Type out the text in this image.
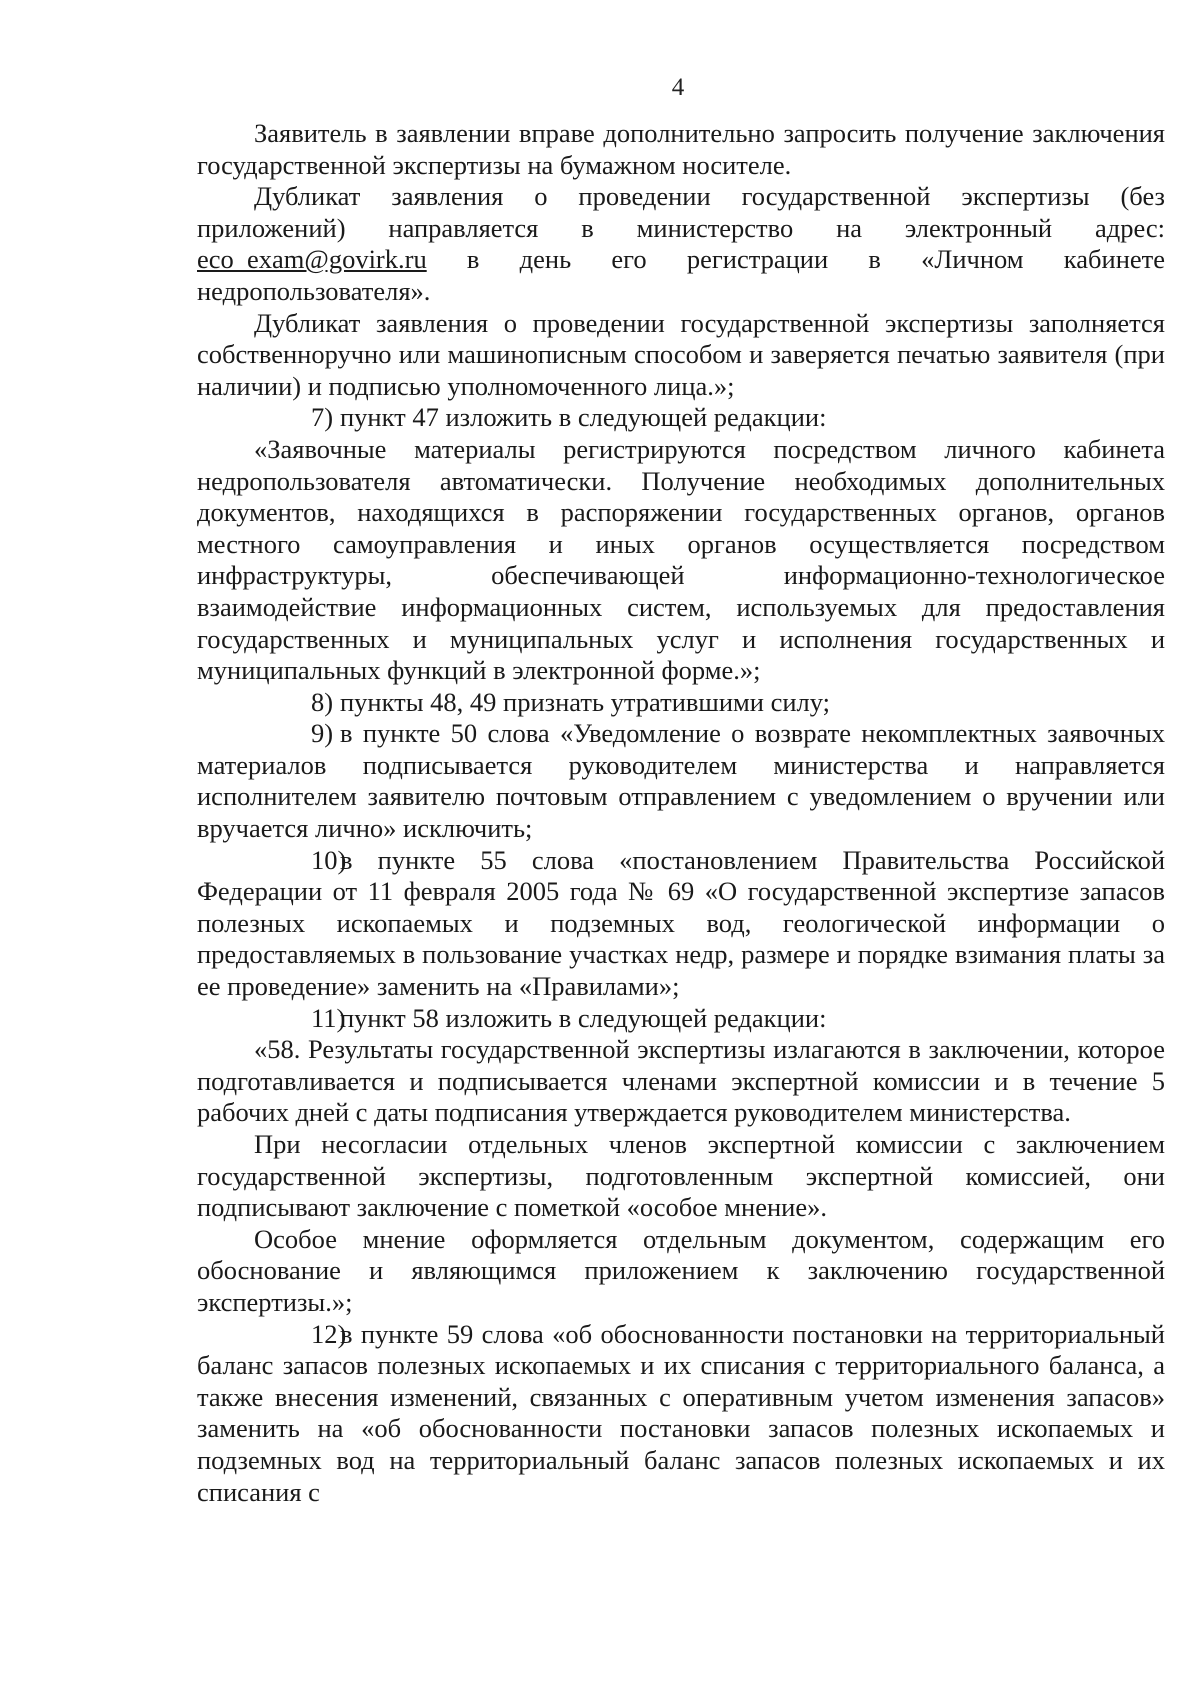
4

Заявитель в заявлении вправе дополнительно запросить получение заключения государственной экспертизы на бумажном носителе.

Дубликат заявления о проведении государственной экспертизы (без приложений) направляется в министерство на электронный адрес: eco_exam@govirk.ru в день его регистрации в «Личном кабинете недропользователя».

Дубликат заявления о проведении государственной экспертизы заполняется собственноручно или машинописным способом и заверяется печатью заявителя (при наличии) и подписью уполномоченного лица.»;

7) пункт 47 изложить в следующей редакции:

«Заявочные материалы регистрируются посредством личного кабинета недропользователя автоматически. Получение необходимых дополнительных документов, находящихся в распоряжении государственных органов, органов местного самоуправления и иных органов осуществляется посредством инфраструктуры, обеспечивающей информационно-технологическое взаимодействие информационных систем, используемых для предоставления государственных и муниципальных услуг и исполнения государственных и муниципальных функций в электронной форме.»;

8) пункты 48, 49 признать утратившими силу;

9) в пункте 50 слова «Уведомление о возврате некомплектных заявочных материалов подписывается руководителем министерства и направляется исполнителем заявителю почтовым отправлением с уведомлением о вручении или вручается лично» исключить;

10)в пункте 55 слова «постановлением Правительства Российской Федерации от 11 февраля 2005 года № 69 «О государственной экспертизе запасов полезных ископаемых и подземных вод, геологической информации о предоставляемых в пользование участках недр, размере и порядке взимания платы за ее проведение» заменить на «Правилами»;

11)пункт 58 изложить в следующей редакции:

«58. Результаты государственной экспертизы излагаются в заключении, которое подготавливается и подписывается членами экспертной комиссии и в течение 5 рабочих дней с даты подписания утверждается руководителем министерства.

При несогласии отдельных членов экспертной комиссии с заключением государственной экспертизы, подготовленным экспертной комиссией, они подписывают заключение с пометкой «особое мнение».

Особое мнение оформляется отдельным документом, содержащим его обоснование и являющимся приложением к заключению государственной экспертизы.»;

12)в пункте 59 слова «об обоснованности постановки на территориальный баланс запасов полезных ископаемых и их списания с территориального баланса, а также внесения изменений, связанных с оперативным учетом изменения запасов» заменить на «об обоснованности постановки запасов полезных ископаемых и подземных вод на территориальный баланс запасов полезных ископаемых и их списания с
